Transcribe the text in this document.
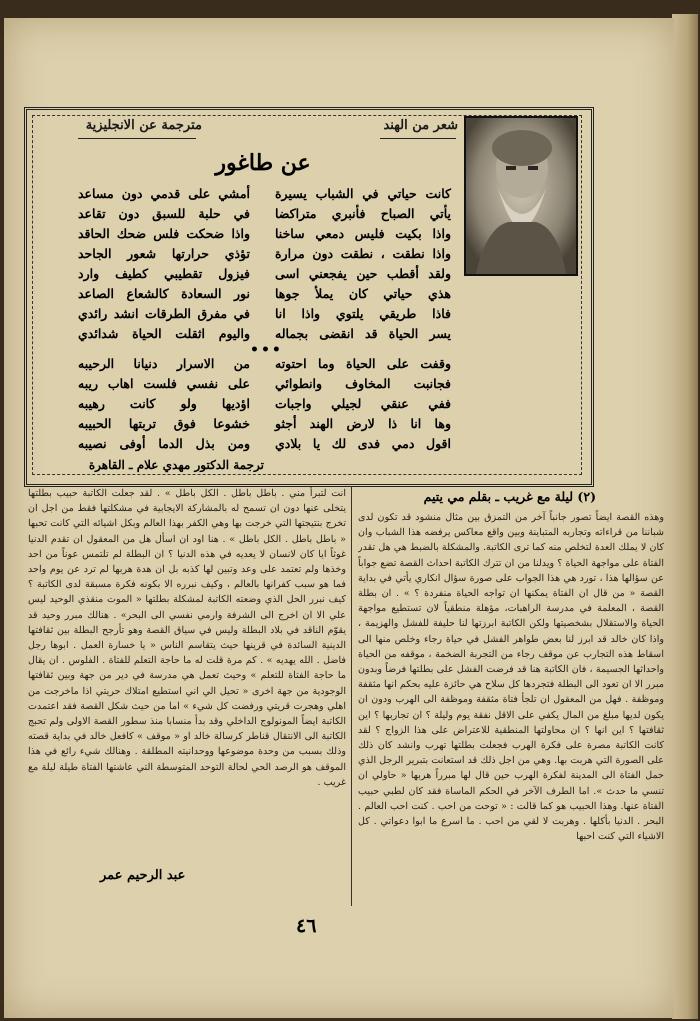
شعر من الهند
مترجمة عن الانجليزية
عن طاغور
كانت حياتي في الشباب يسيرة
أمشي على قدمي دون مساعد
يأتي الصباح فأنبري متراكضا
في حلبة للسبق دون تقاعد
واذا بكيت فليس دمعي ساخنا
واذا ضحكت فلس ضحك الحاقد
واذا نطقت ، نطقت دون مرارة
تؤذي حرارتها شعور الجاحد
ولقد أقطب حين يفجعني اسى
فيزول تقطيبي كطيف وارد
هذي حياتي كان يملأ جوها
نور السعادة كالشعاع الصاعد
فاذا طريقي يلتوي واذا انا
في مفرق الطرقات انشد رائدي
يسر الحياة قد انقضى بجماله
واليوم اثقلت الحياة شدائدي
•••
وقفت على الحياة وما احتوته
من الاسرار دنيانا الرحيبه
فجانبت المخاوف وانطوائي
على نفسي فلست اهاب ريبه
ففي عنقي لجيلي واجبات
اؤديها ولو كانت رهيبه
وها انا ذا لارض الهند أجثو
خشوعا فوق تربتها الحبيبه
اقول دمي فدى لك يا بلادي
ومن بذل الدما أوفى نصيبه
ترجمة الدكتور مهدي علام ـ القاهرة
(٢) ليلة مع غريب ـ بقلم مي يتيم
وهذه القصة ايضاً تصور جانباً آخر من التمزق بين مثال منشود قد تكون لدى شباننا من قراءاته وتجاربه المتباينة وبين واقع معاكس يرفضه هذا الشباب وان كان لا يملك العدة لتخلص منه كما ترى الكاتبة. والمشكلة بالضبط هي هل تقدر الفتاة على مواجهة الحياة ؟ ويدلنا من ان تترك الكاتبة احداث القصة تضع جواباً عن سؤالها هذا ، تورد هي هذا الجواب على صورة سؤال انكاري يأتي في بداية القصة « من قال ان الفتاة يمكنها ان تواجه الحياة منفردة ؟ » . ان بطلة القصة ، المعلمة في مدرسة الراهبات، مؤهلة منطقياً لان تستطيع مواجهة الحياة والاستقلال بشخصيتها ولكن الكاتبة ابرزتها لنا حليفة للفشل والهزيمة ، واذا كان خالد قد ابرز لنا بعض طواهر الفشل في حياة رجاء وخلص منها الى اسقاط هذه التجارب عن موقف رجاء من التجربة الضخمة ، موقفه من الحياة واحداثها الجسيمة ، فان الكاتبة هنا قد فرضت الفشل على بطلتها فرضاً وبدون مبرر الا ان تعود الى البطلة فتجردها كل سلاح هي حائزة عليه بحكم انها مثقفة وموظفة . فهل من المعقول ان تلجأ فتاة مثقفة وموظفة الى الهرب ودون ان يكون لديها مبلغ من المال يكفي على الاقل نفقة يوم وليلة ؟ ان تجاربها ؟ اين ثقافتها ؟ اين انها ؟ ان محاولتها المنطقية للاعتراض على هذا الزواج ؟ لقد كانت الكاتبة مصرة على فكرة الهرب فجعلت بطلتها تهرب وانشد كان ذلك على الصورة التي هربت بها. وهي من اجل ذلك قد استعانت بتبرير الرجل الذي حمل الفتاة الى المدينة لفكرة الهرب حين قال لها مبرراً هربها « حاولي ان تنسي ما حدث ». اما الطرف الآخر في الحكم الماساة فقد كان لطبي حبيب الفتاة عنها. وهذا الحبيب هو كما قالت : « توحت من احب . كنت احب العالم . البحر . الدنيا بأكلها . وهربت لا لقي من احب . ما اسرع ما ابوا دعواتي . كل الاشياء التي كنت احبها
انت لتبرأ مني . باطل باطل . الكل باطل » . لقد جعلت الكاتبة حبيب بطلتها يتخلى عنها دون ان تسمح له بالمشاركة الايجابية في مشكلتها فقط من اجل ان تخرج بنتيجتها التي خرجت بها وهي الكفر بهذا العالم وبكل اشيائه التي كانت تحبها « باطل باطل . الكل باطل » . هنا اود ان اسأل هل من المعقول ان تقدم الدنيا غوثاً ايا كان لانسان لا يعديه في هذه الدنيا ؟ ان البطلة لم تلتمس عوناً من احد وخذها ولم تعتمد على وعد وتبين لها كذبه بل ان هدة هربها لم ترد عن يوم واحد فما هو سبب كفرانها بالعالم ، وكيف نبرره الا بكونه فكرة مسبقة لدى الكاتبة ؟ كيف نبرر الحل الذي وضعته الكاتبة لمشكلة بطلتها « الموت منقذي الوحيد ليس علي الا ان اخرج الى الشرفة وارمي نفسي الى البحر» . هنالك مبرر وحيد قد يقوّم الناقد في بلاد البطلة وليس في سياق القصة وهو تأرجح البطلة بين ثقافتها الدينية السائدة في قرينها حيث يتقاسم الناس « يا خسارة العمل . ابوها رجل فاضل . الله يهديه » . كم مرة قلت له ما حاجة التعلم للفتاة . الفلوس . ان يقال ما حاجة الفتاة للتعلم » وحيث تعمل هي مدرسة في دير من جهة وبين ثقافتها الوجودية من جهة اخرى « تحيل الي اني استطيع امتلاك حريتي اذا ماخرجت من اهلي وهجرت قريتي ورفضت كل شيء » اما من حيث شكل القصة فقد اعتمدت الكاتبة ايضاً المونولوج الداخلي وقد بدأ منسابا منذ سطور القصة الاولى ولم تحبج الكاتبة الى الانتقال قناطر كرسالة خالد او « موقف » كافعل خالد في بداية قصته وذلك بسبب من وحدة موضوعها ووحدانيته المطلقة . وهنالك شيء رائع في هذا الموقف هو الرصد الحي لحالة التوحد المتوسطة التي عاشتها الفتاة طيلة ليلة مع غريب .
عبد الرحيم عمر
٤٦
